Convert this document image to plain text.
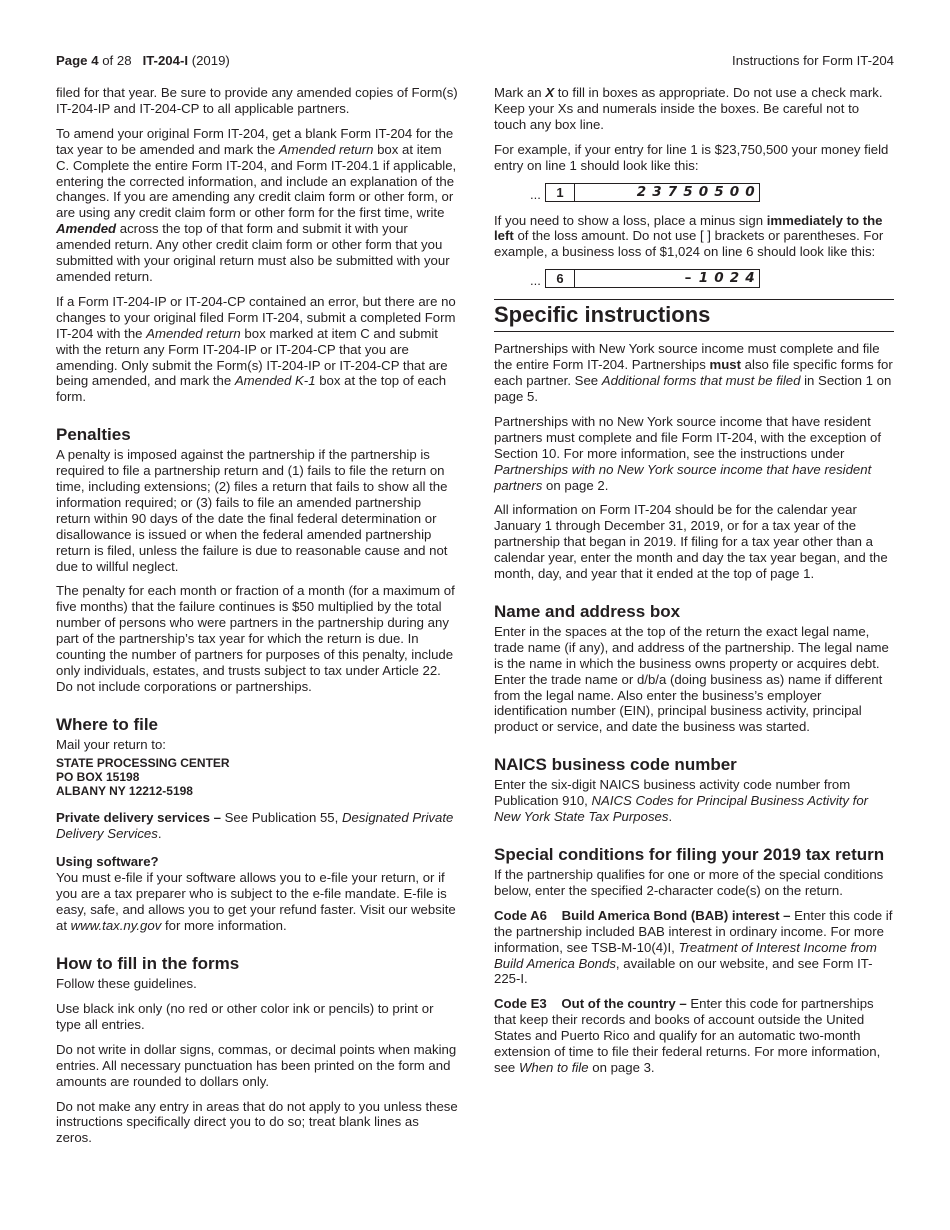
Page 4 of 28 IT-204-I (2019)	Instructions for Form IT-204

filed for that year. Be sure to provide any amended copies of Form(s) IT-204-IP and IT-204-CP to all applicable partners.

To amend your original Form IT-204, get a blank Form IT-204 for the tax year to be amended and mark the Amended return box at item C. Complete the entire Form IT-204, and Form IT-204.1 if applicable, entering the corrected information, and include an explanation of the changes. If you are amending any credit claim form or other form, or are using any credit claim form or other form for the first time, write Amended across the top of that form and submit it with your amended return. Any other credit claim form or other form that you submitted with your original return must also be submitted with your amended return.

If a Form IT-204-IP or IT-204-CP contained an error, but there are no changes to your original filed Form IT-204, submit a completed Form IT-204 with the Amended return box marked at item C and submit with the return any Form IT-204-IP or IT-204-CP that you are amending. Only submit the Form(s) IT-204-IP or IT-204-CP that are being amended, and mark the Amended K-1 box at the top of each form.

Penalties

A penalty is imposed against the partnership if the partnership is required to file a partnership return and (1) fails to file the return on time, including extensions; (2) files a return that fails to show all the information required; or (3) fails to file an amended partnership return within 90 days of the date the final federal determination or disallowance is issued or when the federal amended partnership return is filed, unless the failure is due to reasonable cause and not due to willful neglect.

The penalty for each month or fraction of a month (for a maximum of five months) that the failure continues is $50 multiplied by the total number of persons who were partners in the partnership during any part of the partnership’s tax year for which the return is due. In counting the number of partners for purposes of this penalty, include only individuals, estates, and trusts subject to tax under Article 22. Do not include corporations or partnerships.

Where to file

Mail your return to:

STATE PROCESSING CENTER
PO BOX 15198
ALBANY NY 12212-5198

Private delivery services – See Publication 55, Designated Private Delivery Services.

Using software?

You must e-file if your software allows you to e-file your return, or if you are a tax preparer who is subject to the e-file mandate. E-file is easy, safe, and allows you to get your refund faster. Visit our website at www.tax.ny.gov for more information.

How to fill in the forms

Follow these guidelines.

Use black ink only (no red or other color ink or pencils) to print or type all entries.

Do not write in dollar signs, commas, or decimal points when making entries. All necessary punctuation has been printed on the form and amounts are rounded to dollars only.

Do not make any entry in areas that do not apply to you unless these instructions specifically direct you to do so; treat blank lines as zeros.

Mark an X to fill in boxes as appropriate. Do not use a check mark. Keep your Xs and numerals inside the boxes. Be careful not to touch any box line.

For example, if your entry for line 1 is $23,750,500 your money field entry on line 1 should look like this:

...	1	2 3 7 5 0 5 0 0

If you need to show a loss, place a minus sign immediately to the left of the loss amount. Do not use [ ] brackets or parentheses. For example, a business loss of $1,024 on line 6 should look like this:

...	6	– 1 0 2 4
Specific instructions

Partnerships with New York source income must complete and file the entire Form IT-204. Partnerships must also file specific forms for each partner. See Additional forms that must be filed in Section 1 on page 5.

Partnerships with no New York source income that have resident partners must complete and file Form IT-204, with the exception of Section 10. For more information, see the instructions under Partnerships with no New York source income that have resident partners on page 2.

All information on Form IT-204 should be for the calendar year January 1 through December 31, 2019, or for a tax year of the partnership that began in 2019. If filing for a tax year other than a calendar year, enter the month and day the tax year began, and the month, day, and year that it ended at the top of page 1.

Name and address box

Enter in the spaces at the top of the return the exact legal name, trade name (if any), and address of the partnership. The legal name is the name in which the business owns property or acquires debt. Enter the trade name or d/b/a (doing business as) name if different from the legal name. Also enter the business’s employer identification number (EIN), principal business activity, principal product or service, and date the business was started.

NAICS business code number

Enter the six-digit NAICS business activity code number from Publication 910, NAICS Codes for Principal Business Activity for New York State Tax Purposes.

Special conditions for filing your 2019 tax return

If the partnership qualifies for one or more of the special conditions below, enter the specified 2-character code(s) on the return.

Code A6    Build America Bond (BAB) interest – Enter this code if the partnership included BAB interest in ordinary income. For more information, see TSB-M-10(4)I, Treatment of Interest Income from Build America Bonds, available on our website, and see Form IT-225-I.

Code E3    Out of the country – Enter this code for partnerships that keep their records and books of account outside the United States and Puerto Rico and qualify for an automatic two-month extension of time to file their federal returns. For more information, see When to file on page 3.
